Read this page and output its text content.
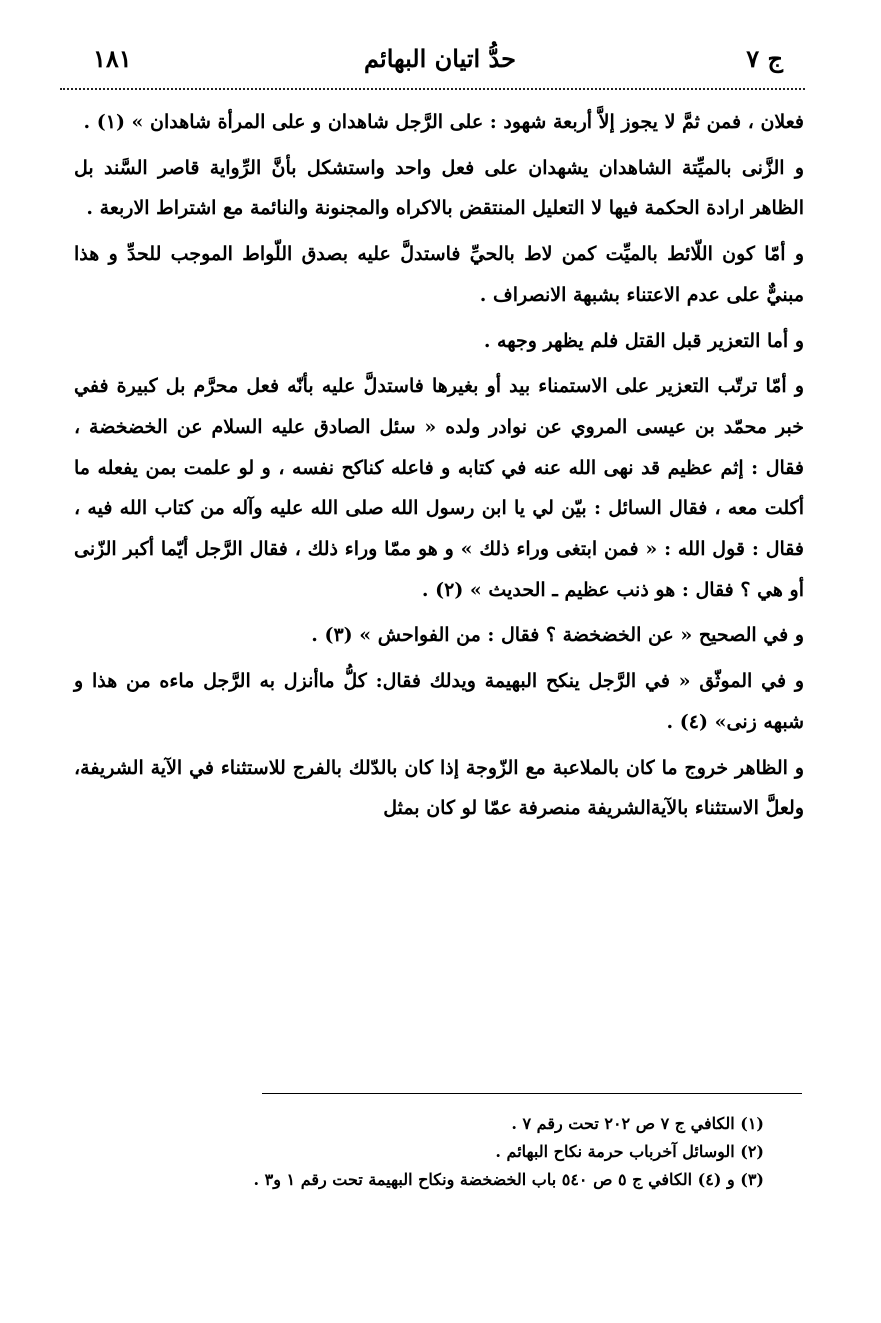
ج ٧
حدُّ اتيان البهائم
١٨١

فعلان ، فمن ثمَّ لا يجوز إلاَّ أربعة شهود : على الرَّجل شاهدان و على المرأة شاهدان » (١) .

و الزَّنى بالميِّتة الشاهدان يشهدان على فعل واحد واستشكل بأنَّ الرِّواية قاصر السَّند بل الظاهر ارادة الحكمة فيها لا التعليل المنتقض بالاكراه والمجنونة والنائمة مع اشتراط الاربعة .

و أمّا كون اللّائط بالميِّت كمن لاط بالحيِّ فاستدلَّ عليه بصدق اللّواط الموجب للحدِّ و هذا مبنيٌّ على عدم الاعتناء بشبهة الانصراف .

و أما التعزير قبل القتل فلم يظهر وجهه .

و أمّا ترتّب التعزير على الاستمناء بيد أو بغيرها فاستدلَّ عليه بأنّه فعل محرَّم بل كبيرة ففي خبر محمّد بن عيسى المروي عن نوادر ولده « سئل الصادق عليه السلام عن الخضخضة ، فقال : إثم عظيم قد نهى الله عنه في كتابه و فاعله كناكح نفسه ، و لو علمت بمن يفعله ما أكلت معه ، فقال السائل : بيّن لي يا ابن رسول الله صلى الله عليه وآله من كتاب الله فيه ، فقال : قول الله : « فمن ابتغى وراء ذلك » و هو ممّا وراء ذلك ، فقال الرَّجل أيّما أكبر الزّنى أو هي ؟ فقال : هو ذنب عظيم ـ الحديث » (٢) .

و في الصحيح « عن الخضخضة ؟ فقال : من الفواحش » (٣) .

و في الموثّق « في الرَّجل ينكح البهيمة ويدلك فقال: كلُّ ماأنزل به الرَّجل ماءه من هذا و شبهه زنى» (٤) .

و الظاهر خروج ما كان بالملاعبة مع الزّوجة إذا كان بالدّلك بالفرج للاستثناء في الآية الشريفة، ولعلَّ الاستثناء بالآيةالشريفة منصرفة عمّا لو كان بمثل

(١) الكافي ج ٧ ص ٢٠٢ تحت رقم ٧ .
(٢) الوسائل آخرباب حرمة نكاح البهائم .
(٣) و (٤) الكافي ج ٥ ص ٥٤٠ باب الخضخضة ونكاح البهيمة تحت رقم ١ و٣ .
